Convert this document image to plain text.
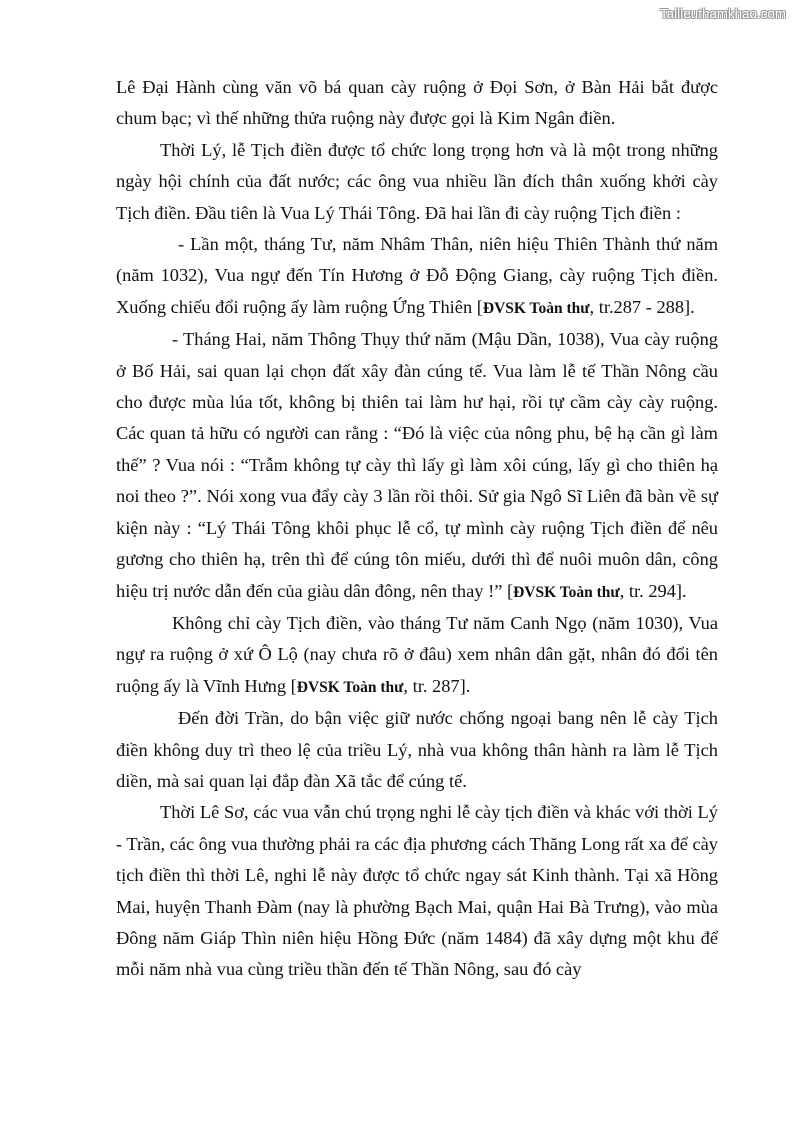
Tailieuthamkhao.com

Lê Đại Hành cùng văn võ bá quan cày ruộng ở Đọi Sơn, ở Bàn Hải bắt được chum bạc; vì thế những thửa ruộng này được gọi là Kim Ngân điền.

Thời Lý, lễ Tịch điền được tổ chức long trọng hơn và là một trong những ngày hội chính của đất nước; các ông vua nhiều lần đích thân xuống khởi cày Tịch điền. Đầu tiên là Vua Lý Thái Tông. Đã hai lần đi cày ruộng Tịch điền :

- Lần một, tháng Tư, năm Nhâm Thân, niên hiệu Thiên Thành thứ năm (năm 1032), Vua ngự đến Tín Hương ở Đỗ Động Giang, cày ruộng Tịch điền. Xuống chiếu đổi ruộng ấy làm ruộng Ứng Thiên [ĐVSK Toàn thư, tr.287 - 288].

- Tháng Hai, năm Thông Thụy thứ năm (Mậu Dần, 1038), Vua cày ruộng ở Bố Hải, sai quan lại chọn đất xây đàn cúng tế. Vua làm lễ tế Thần Nông cầu cho được mùa lúa tốt, không bị thiên tai làm hư hại, rồi tự cầm cày cày ruộng. Các quan tả hữu có người can rằng : “Đó là việc của nông phu, bệ hạ cần gì làm thế” ? Vua nói : “Trẫm không tự cày thì lấy gì làm xôi cúng, lấy gì cho thiên hạ noi theo ?”. Nói xong vua đẩy cày 3 lần rồi thôi. Sử gia Ngô Sĩ Liên đã bàn về sự kiện này : “Lý Thái Tông khôi phục lễ cổ, tự mình cày ruộng Tịch điền để nêu gương cho thiên hạ, trên thì để cúng tôn miếu, dưới thì để nuôi muôn dân, công hiệu trị nước dẫn đến của giàu dân đông, nên thay !” [ĐVSK Toàn thư, tr. 294].

Không chỉ cày Tịch điền, vào tháng Tư năm Canh Ngọ (năm 1030), Vua ngự ra ruộng ở xứ Ô Lộ (nay chưa rõ ở đâu) xem nhân dân gặt, nhân đó đổi tên ruộng ấy là Vĩnh Hưng [ĐVSK Toàn thư, tr. 287].

Đến đời Trần, do bận việc giữ nước chống ngoại bang nên lễ cày Tịch điền không duy trì theo lệ của triều Lý, nhà vua không thân hành ra làm lễ Tịch diền, mà sai quan lại đắp đàn Xã tắc để cúng tế.

Thời Lê Sơ, các vua vẫn chú trọng nghi lễ cày tịch điền và khác với thời Lý - Trần, các ông vua thường phải ra các địa phương cách Thăng Long rất xa để cày tịch điền thì thời Lê, nghi lễ này được tổ chức ngay sát Kinh thành. Tại xã Hồng Mai, huyện Thanh Đàm (nay là phường Bạch Mai, quận Hai Bà Trưng), vào mùa Đông năm Giáp Thìn niên hiệu Hồng Đức (năm 1484) đã xây dựng một khu để mỗi năm nhà vua cùng triều thần đến tế Thần Nông, sau đó cày
